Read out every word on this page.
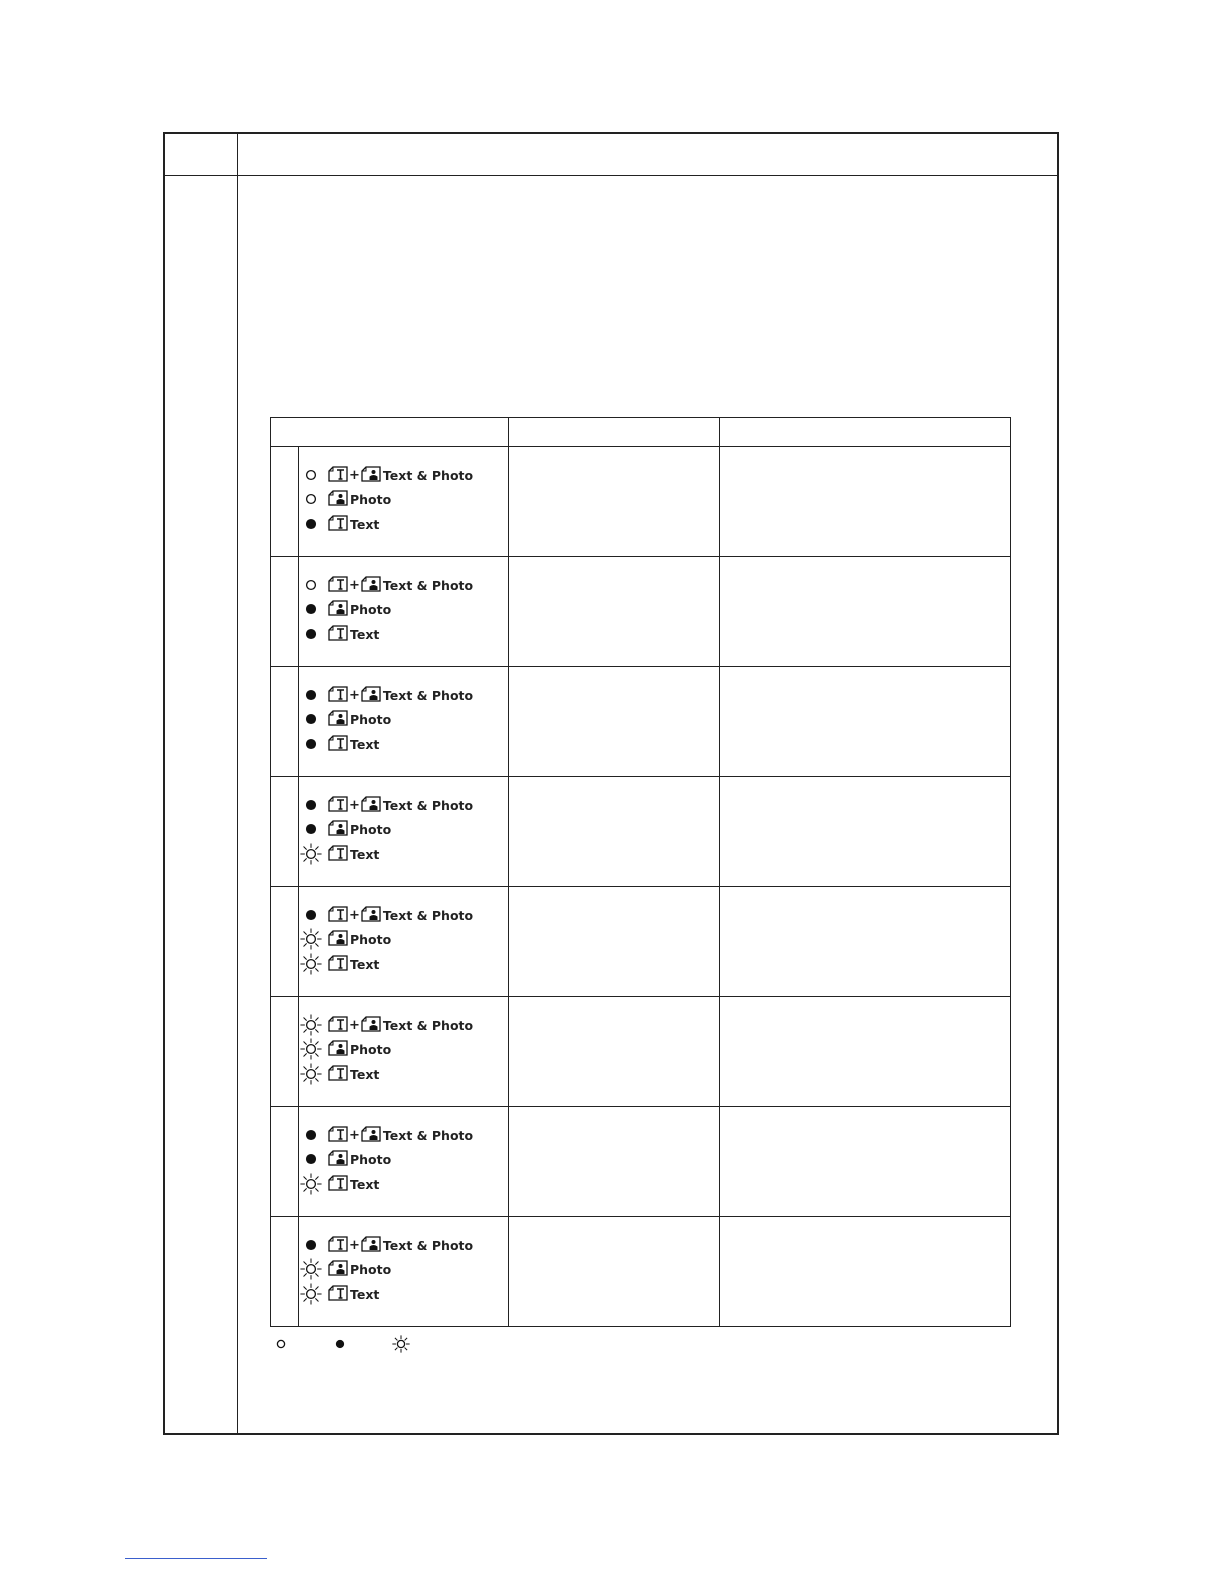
+ Text & Photo
Photo
Text
+ Text & Photo
Photo
Text
+ Text & Photo
Photo
Text
+ Text & Photo
Photo
Text
+ Text & Photo
Photo
Text
+ Text & Photo
Photo
Text
+ Text & Photo
Photo
Text
+ Text & Photo
Photo
Text
